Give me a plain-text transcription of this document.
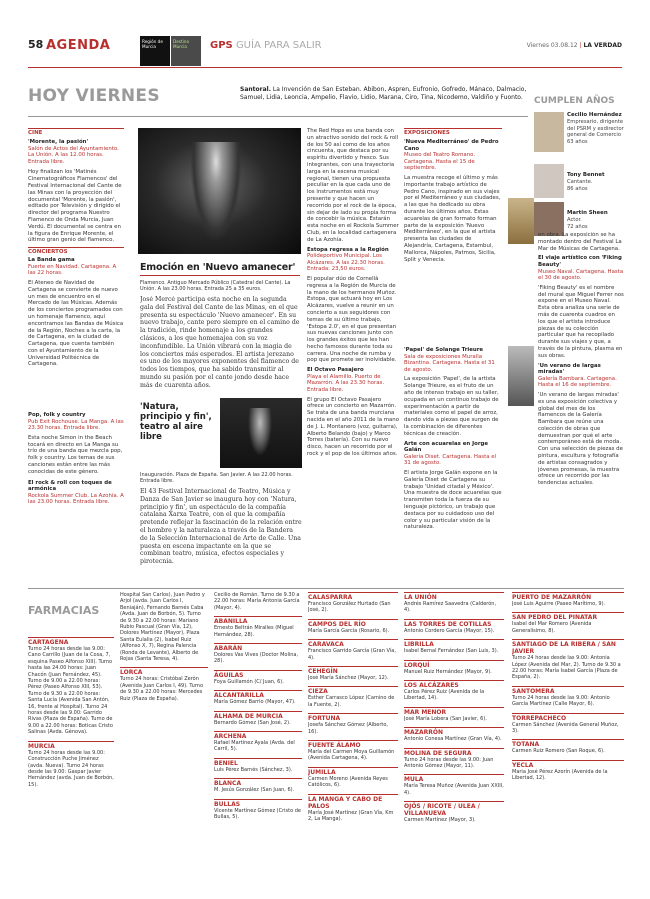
58 AGENDA	Región de Murcia
Destino Murcia	GPS GUÍA PARA SALIR	Viernes 03.08.12 | LA VERDAD
HOY VIERNES	Santoral. La Invención de San Esteban. Abibon, Aspren, Eufronio, Gofredo, Mánaco, Dalmacio, Samuel, Lidia, Leoncia, Ampelio, Flavio, Lidio, Marana, Ciro, Tina, Nicodemo, Valdiño y Fuonto.	CUMPLEN AÑOS
Cecilio Hernández
Empresario, dirigente del PSRM y exdirector general de Comercio
63 años
Tony Bennet
Cantante.
86 años
Martin Sheen
Actor.
72 años
CINE
'Morente, la pasión'
Salón de Actos del Ayuntamiento. La Unión. A las 12.00 horas. Entrada libre.

Hoy finalizan los 'Matinés Cinematográficos Flamencos' del Festival Internacional del Cante de las Minas con la proyección del documental 'Morente, la pasión', editado por Televisión y dirigido el director del programa Nuestro Flamenco de Onda Murcia, Juan Verdú. El documental se centra en la figura de Enrique Morente, el último gran genio del flamenco.

CONCIERTOS
La Banda gama
Fuerte en Navidad. Cartagena. A las 22 horas.

El Ateneo de Navidad de Cartagena se convierte de nuevo un mes de encuentro en el Mercado de las Músicas. Además de los conciertos programados con un homenaje flamenco, aquí encontramos las Bandas de Música de la Región, Noches a la carta, la de Cartagena, en la ciudad de Cartagena, que cuenta también con el Ayuntamiento de la Universidad Politécnica de Cartagena.

Pop, folk y country
Pub Exit Rochouse. La Manga. A las 23.30 horas. Entrada libre.

Esta noche Simon in the Beach tocará en directo en La Manga su trío de una banda que mezcla pop, folk y country. Los temas de sus canciones están entre las más conocidas de este género.

El rock & roll con toques de armónica
Rockola Summer Club. La Azohía. A las 23.00 horas. Entrada libre.
Emoción en 'Nuevo amanecer'
Flamenco. Antiguo Mercado Público (Catedral del Cante). La Unión. A las 23.00 horas. Entrada 25 a 35 euros.
José Mercé participa esta noche en la segunda gala del Festival del Cante de las Minas, en el que presenta su espectáculo 'Nuevo amanecer'. En su nuevo trabajo, cante pero siempre en el camino de la tradición, rinde homenaje a los grandes clásicos, a los que homenajea con su voz inconfundible. La Unión vibrará con la magia de los conciertos más esperados. El artista jerezano es uno de los mayores exponentes del flamenco de todos los tiempos, que ha sabido transmitir al mundo su pasión por el cante jondo desde hace más de cuarenta años.
'Natura, principio y fin', teatro al aire libre
Inauguración. Plaza de España. San Javier. A las 22.00 horas. Entrada libre.
El 43 Festival Internacional de Teatro, Música y Danza de San Javier se inaugura hoy con 'Natura, principio y fin', un espectáculo de la compañía catalana Xarxa Teatre, con el que la compañía pretende reflejar la fascinación de la relación entre el hombre y la naturaleza a través de la Bandera de la Selección Internacional de Arte de Calle. Una puesta en escena impactante en la que se combinan teatro, música, efectos especiales y pirotecnia.

The Red Hops es una banda con un atractivo sonido del rock & roll de los 50 así como de los años cincuenta, que destaca por su espíritu divertido y fresco. Sus integrantes, con una trayectoria larga en la escena musical regional, tienen una propuesta peculiar en la que cada uno de los instrumentos está muy presente y que hacen un recorrido por el rock de la época, sin dejar de lado su propia forma de concebir la música. Estarán esta noche en el Rockola Summer Club, en la localidad cartagenera de La Azohía.

Estopa regresa a la Región
Polideportivo Municipal. Los Alcázares. A las 22.30 horas. Entrada: 23,50 euros.

El popular dúo de Cornellà regresa a la Región de Murcia de la mano de los hermanos Muñoz. Estopa, que actuará hoy en Los Alcázares, vuelve a reunir en un concierto a sus seguidores con temas de su último trabajo, 'Estopa 2.0', en el que presentan sus nuevas canciones junto con los grandes éxitos que les han hecho famosos durante toda su carrera. Una noche de rumba y pop que promete ser inolvidable.

El Octavo Pasajero
Playa el Alamillo. Puerto de Mazarrón. A las 23.30 horas. Entrada libre.

El grupo El Octavo Pasajero ofrece un concierto en Mazarrón. Se trata de una banda murciana nacida en el año 2011 de la mano de J. L. Montanero (voz, guitarra), Alberto Belando (bajo) y Marco Torres (batería). Con su nuevo disco, hacen un recorrido por el rock y el pop de los últimos años.

EXPOSICIONES
'Nueva Mediterráneo' de Pedro Cano
Museo del Teatro Romano. Cartagena. Hasta el 15 de septiembre.

La muestra recoge el último y más importante trabajo artístico de Pedro Cano, inspirado en sus viajes por el Mediterráneo y sus ciudades, a las que ha dedicado su obra durante los últimos años. Estas acuarelas de gran formato forman parte de la exposición 'Nuevo Mediterráneo', en la que el artista presenta las ciudades de Alejandría, Cartagena, Estambul, Mallorca, Nápoles, Patmos, Sicilia, Split y Venecia.

'Papel' de Solange Trieure
Sala de exposiciones Muralla Bizantina. Cartagena. Hasta el 31 de agosto.

La exposición 'Papel', de la artista Solange Trieure, es el fruto de un año de intenso trabajo en su taller, ocupada en un continuo trabajo de experimentación a partir de materiales como el papel de arroz, dando vida a piezas que surgen de la combinación de diferentes técnicas de creación.

Arte con acuarelas en Jorge Galán
Galería Diset. Cartagena. Hasta el 31 de agosto.

El artista Jorge Galán expone en la Galería Diset de Cartagena su trabajo 'Unidad citadal y México'. Una muestra de doce acuarelas que transmiten toda la fuerza de su lenguaje pictórico, un trabajo que destaca por su cuidadoso uso del color y su particular visión de la naturaleza.

en obra. La exposición se ha montado dentro del Festival La Mar de Músicas de Cartagena.

El viaje artístico con 'Fiking Beauty'
Museo Naval. Cartagena. Hasta el 30 de agosto.

'Fiking Beauty' es el nombre del mural que Miguel Ferrer nos expone en el Museo Naval. Esta obra analiza una serie de más de cuarenta cuadros en los que el artista introduce piezas de su colección particular que ha recopilado durante sus viajes y que, a través de la pintura, plasma en sus obras.

'Un verano de largas miradas'
Galería Bambara. Cartagena. Hasta el 16 de septiembre.

'Un verano de largas miradas' es una exposición colectiva y global del mes de los flamencos de la Galería Bambara que reúne una colección de obras que demuestran por qué el arte contemporáneo está de moda. Con una selección de piezas de pintura, escultura y fotografía de artistas consagrados y jóvenes promesas, la muestra ofrece un recorrido por las tendencias actuales.

FARMACIAS
CARTAGENA
Turno 24 horas desde las 9.00: Cano Carrillo (Juan de la Cosa, 7, esquina Paseo Alfonso XIII). Turno hasta las 24.00 horas: Juan Chacón (Juan Fernández, 45). Turno de 9.00 a 22.00 horas: Pérez (Paseo Alfonso XIII, 53). Turno de 9.30 a 22.00 horas: Santa Lucía (Avenida San Antón, 16, frente al Hospital). Turno 24 horas desde las 9.00: Garrido Rivas (Plaza de España). Turno de 9.00 a 22.00 horas: Boticas Cristo Salinas (Avda. Génova).
MURCIA
Turno 24 horas desde las 9.00: Construcción Puche Jiménez (avda. Nueva). Turno 24 horas desde las 9.00: Gaspar Javier Hernández (avda. Juan de Borbón, 15).
Hospital San Carlos), Juan Pedro y Arjol (avda. Juan Carlos I, Beniaján), Fernando Barnés Caba (Avda. Juan de Borbón, 5). Turno de 9.30 a 22.00 horas: Mariano Rubio Pascual (Gran Vía, 12), Dolores Martínez (Mayor), Plaza Santa Eulalia (2), Isabel Ruiz (Alfonso X, 7), Regina Palencia (Ronda de Levante), Alberto de Rojas (Santa Teresa, 4).
LORCA
Turno 24 horas: Cristóbal Zerón (Avenida Juan Carlos I, 49). Turno de 9.30 a 22.00 horas: Mercedes Ruiz (Plaza de España).
Cecilio de Román. Turno de 9.30 a 22.00 horas: María Antonia García (Mayor, 4).
ABANILLA
Ernesto Beltrán Miralles (Miguel Hernández, 28).
ABARÁN
Dolores Vas Vives (Doctor Molina, 28).
ÁGUILAS
Foya Guillamón (C/ Juan, 6).
ALCANTARILLA
María Gómez Barrio (Mayor, 47).
ALHAMA DE MURCIA
Bernardo Gómez (San José, 2).
ARCHENA
Rafael Martínez Ayala (Avda. del Carril, 5).
BENIEL
Luis Pérez Barnés (Sánchez, 3).
BLANCA
M. Jesús González (San Juan, 6).
BULLAS
Vicente Martínez Gómez (Cristo de Bullas, 5).
CALASPARRA
Francisco González Hurtado (San José, 2).
CAMPOS DEL RÍO
María García García (Rosario, 6).
CARAVACA
Francisco Garrido García (Gran Vía, 4).
CEHEGÍN
José María Sánchez (Mayor, 12).
CIEZA
Esther Carrasco López (Camino de la Fuente, 2).
FORTUNA
Josefa Sánchez Gómez (Alberto, 16).
FUENTE ÁLAMO
María del Carmen Moya Guillamón (Avenida Cartagena, 4).
JUMILLA
Carmen Moreno (Avenida Reyes Católicos, 6).
LA MANGA Y CABO DE PALOS
María José Martínez (Gran Vía, Km 2, La Manga).
LA UNIÓN
Andrés Ramírez Saavedra (Calderón, 4).
LAS TORRES DE COTILLAS
Antonio Cordero García (Mayor, 15).
LIBRILLA
Isabel Bernal Fernández (San Luis, 3).
LORQUÍ
Manuel Ruiz Hernández (Mayor, 9).
LOS ALCÁZARES
Carlos Pérez Ruiz (Avenida de la Libertad, 14).
MAR MENOR
José María Lobera (San Javier, 6).
MAZARRÓN
Antonio Conesa Martínez (Gran Vía, 4).
MOLINA DE SEGURA
Turno 24 horas desde las 9.00: Juan Antonio Gómez (Mayor, 11).
MULA
María Teresa Muñoz (Avenida Juan XXIII, 4).
OJÓS / RICOTE / ULEA / VILLANUEVA
Carmen Martínez (Mayor, 3).
PUERTO DE MAZARRÓN
José Luis Aguirre (Paseo Marítimo, 9).
SAN PEDRO DEL PINATAR
Isabel del Mar Romero (Avenida Generalísimo, 8).
SANTIAGO DE LA RIBERA / SAN JAVIER
Turno 24 horas desde las 9.00: Antonia López (Avenida del Mar, 2). Turno de 9.30 a 22.00 horas: María Isabel García (Plaza de España, 2).
SANTOMERA
Turno 24 horas desde las 9.00: Antonio García Martínez (Calle Mayor, 6).
TORREPACHECO
Carmen Sánchez (Avenida General Muñoz, 3).
TOTANA
Carmen Ruiz Romero (San Roque, 6).
YECLA
Maria José Pérez Azorín (Avenida de la Libertad, 12).
